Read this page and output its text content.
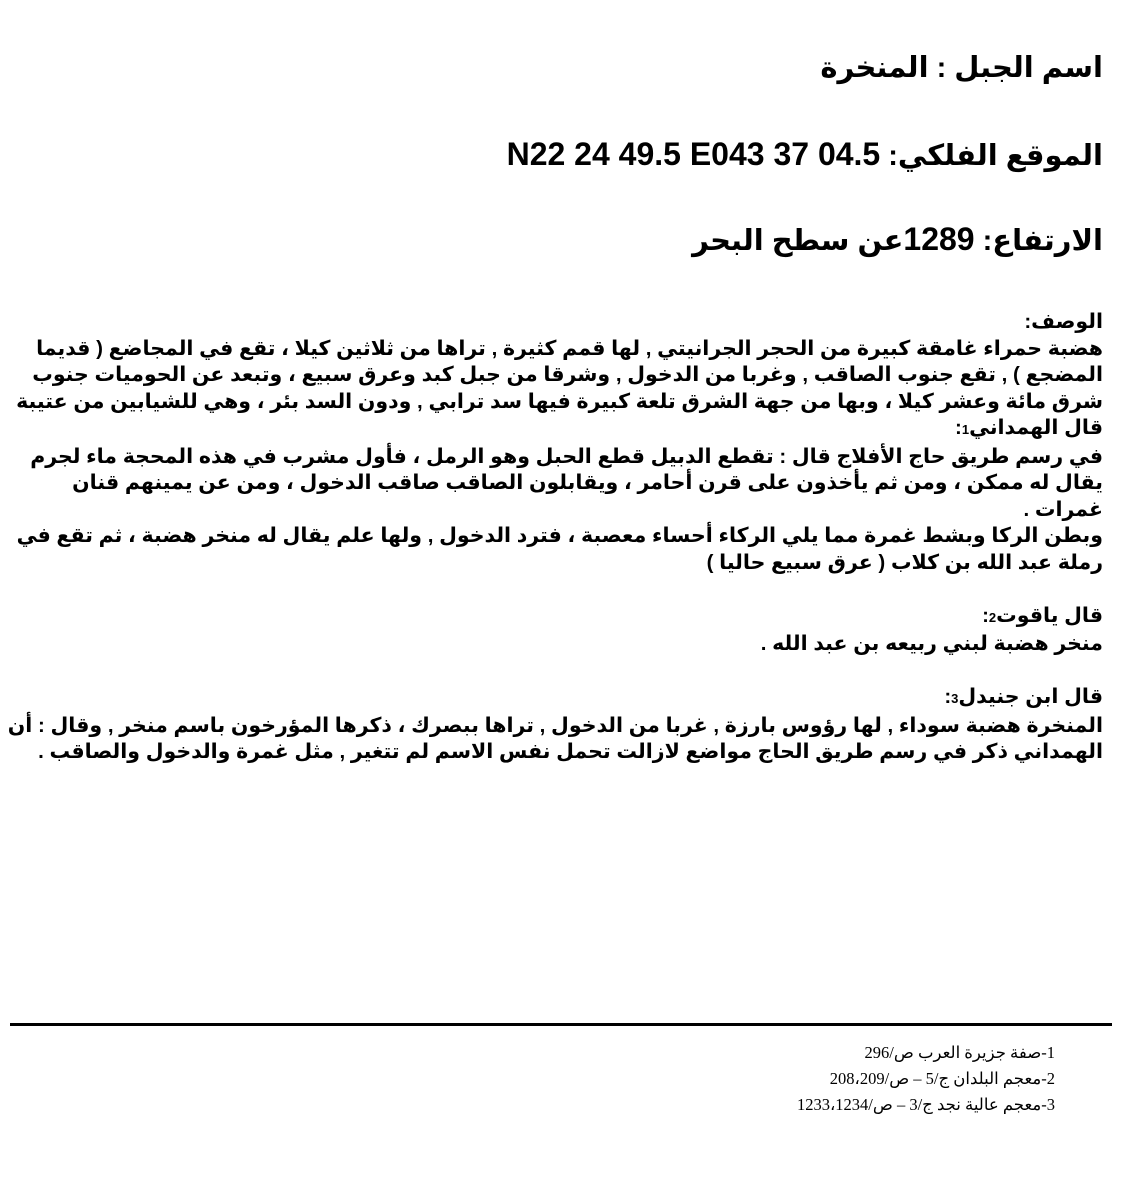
اسم الجبل : المنخرة
الموقع الفلكي: N22 24 49.5 E043 37 04.5
الارتفاع: 1289عن سطح البحر

الوصف:

هضبة حمراء غامقة كبيرة من الحجر الجرانيتي , لها قمم كثيرة , تراها من ثلاثين كيلا ، تقع في المجاضع ( قديما المضجع ) , تقع جنوب الصاقب , وغربا من الدخول , وشرقا من جبل كبد وعرق سبيع ، وتبعد عن الحوميات جنوب شرق مائة وعشر كيلا ، وبها من جهة الشرق تلعة كبيرة فيها سد ترابي , ودون السد بئر ، وهي للشيابين من عتيبة

قال الهمداني1:

في رسم طريق حاج الأفلاج قال : تقطع الدبيل قطع الحبل وهو الرمل ، فأول مشرب في هذه المحجة ماء لجرم يقال له ممكن ، ومن ثم يأخذون على قرن أحامر ، ويقابلون الصاقب صاقب الدخول ، ومن عن يمينهم قنان غمرات .

وبطن الركا وبشط غمرة مما يلي الركاء أحساء معصبة ، فترد الدخول , ولها علم يقال له منخر هضبة ، ثم تقع في رملة عبد الله بن كلاب ( عرق سبيع حاليا )

قال ياقوت2:

منخر هضبة لبني ربيعه بن عبد الله .

قال ابن جنيدل3:

المنخرة هضبة سوداء , لها رؤوس بارزة , غربا من الدخول , تراها ببصرك ، ذكرها المؤرخون باسم منخر , وقال : أن الهمداني ذكر في رسم طريق الحاج مواضع لازالت تحمل نفس الاسم لم تتغير , مثل غمرة والدخول والصاقب .

1-صفة جزيرة العرب ص/296
2-معجم البلدان ج/5 – ص/208،209
3-معجم عالية نجد ج/3 – ص/1233،1234
